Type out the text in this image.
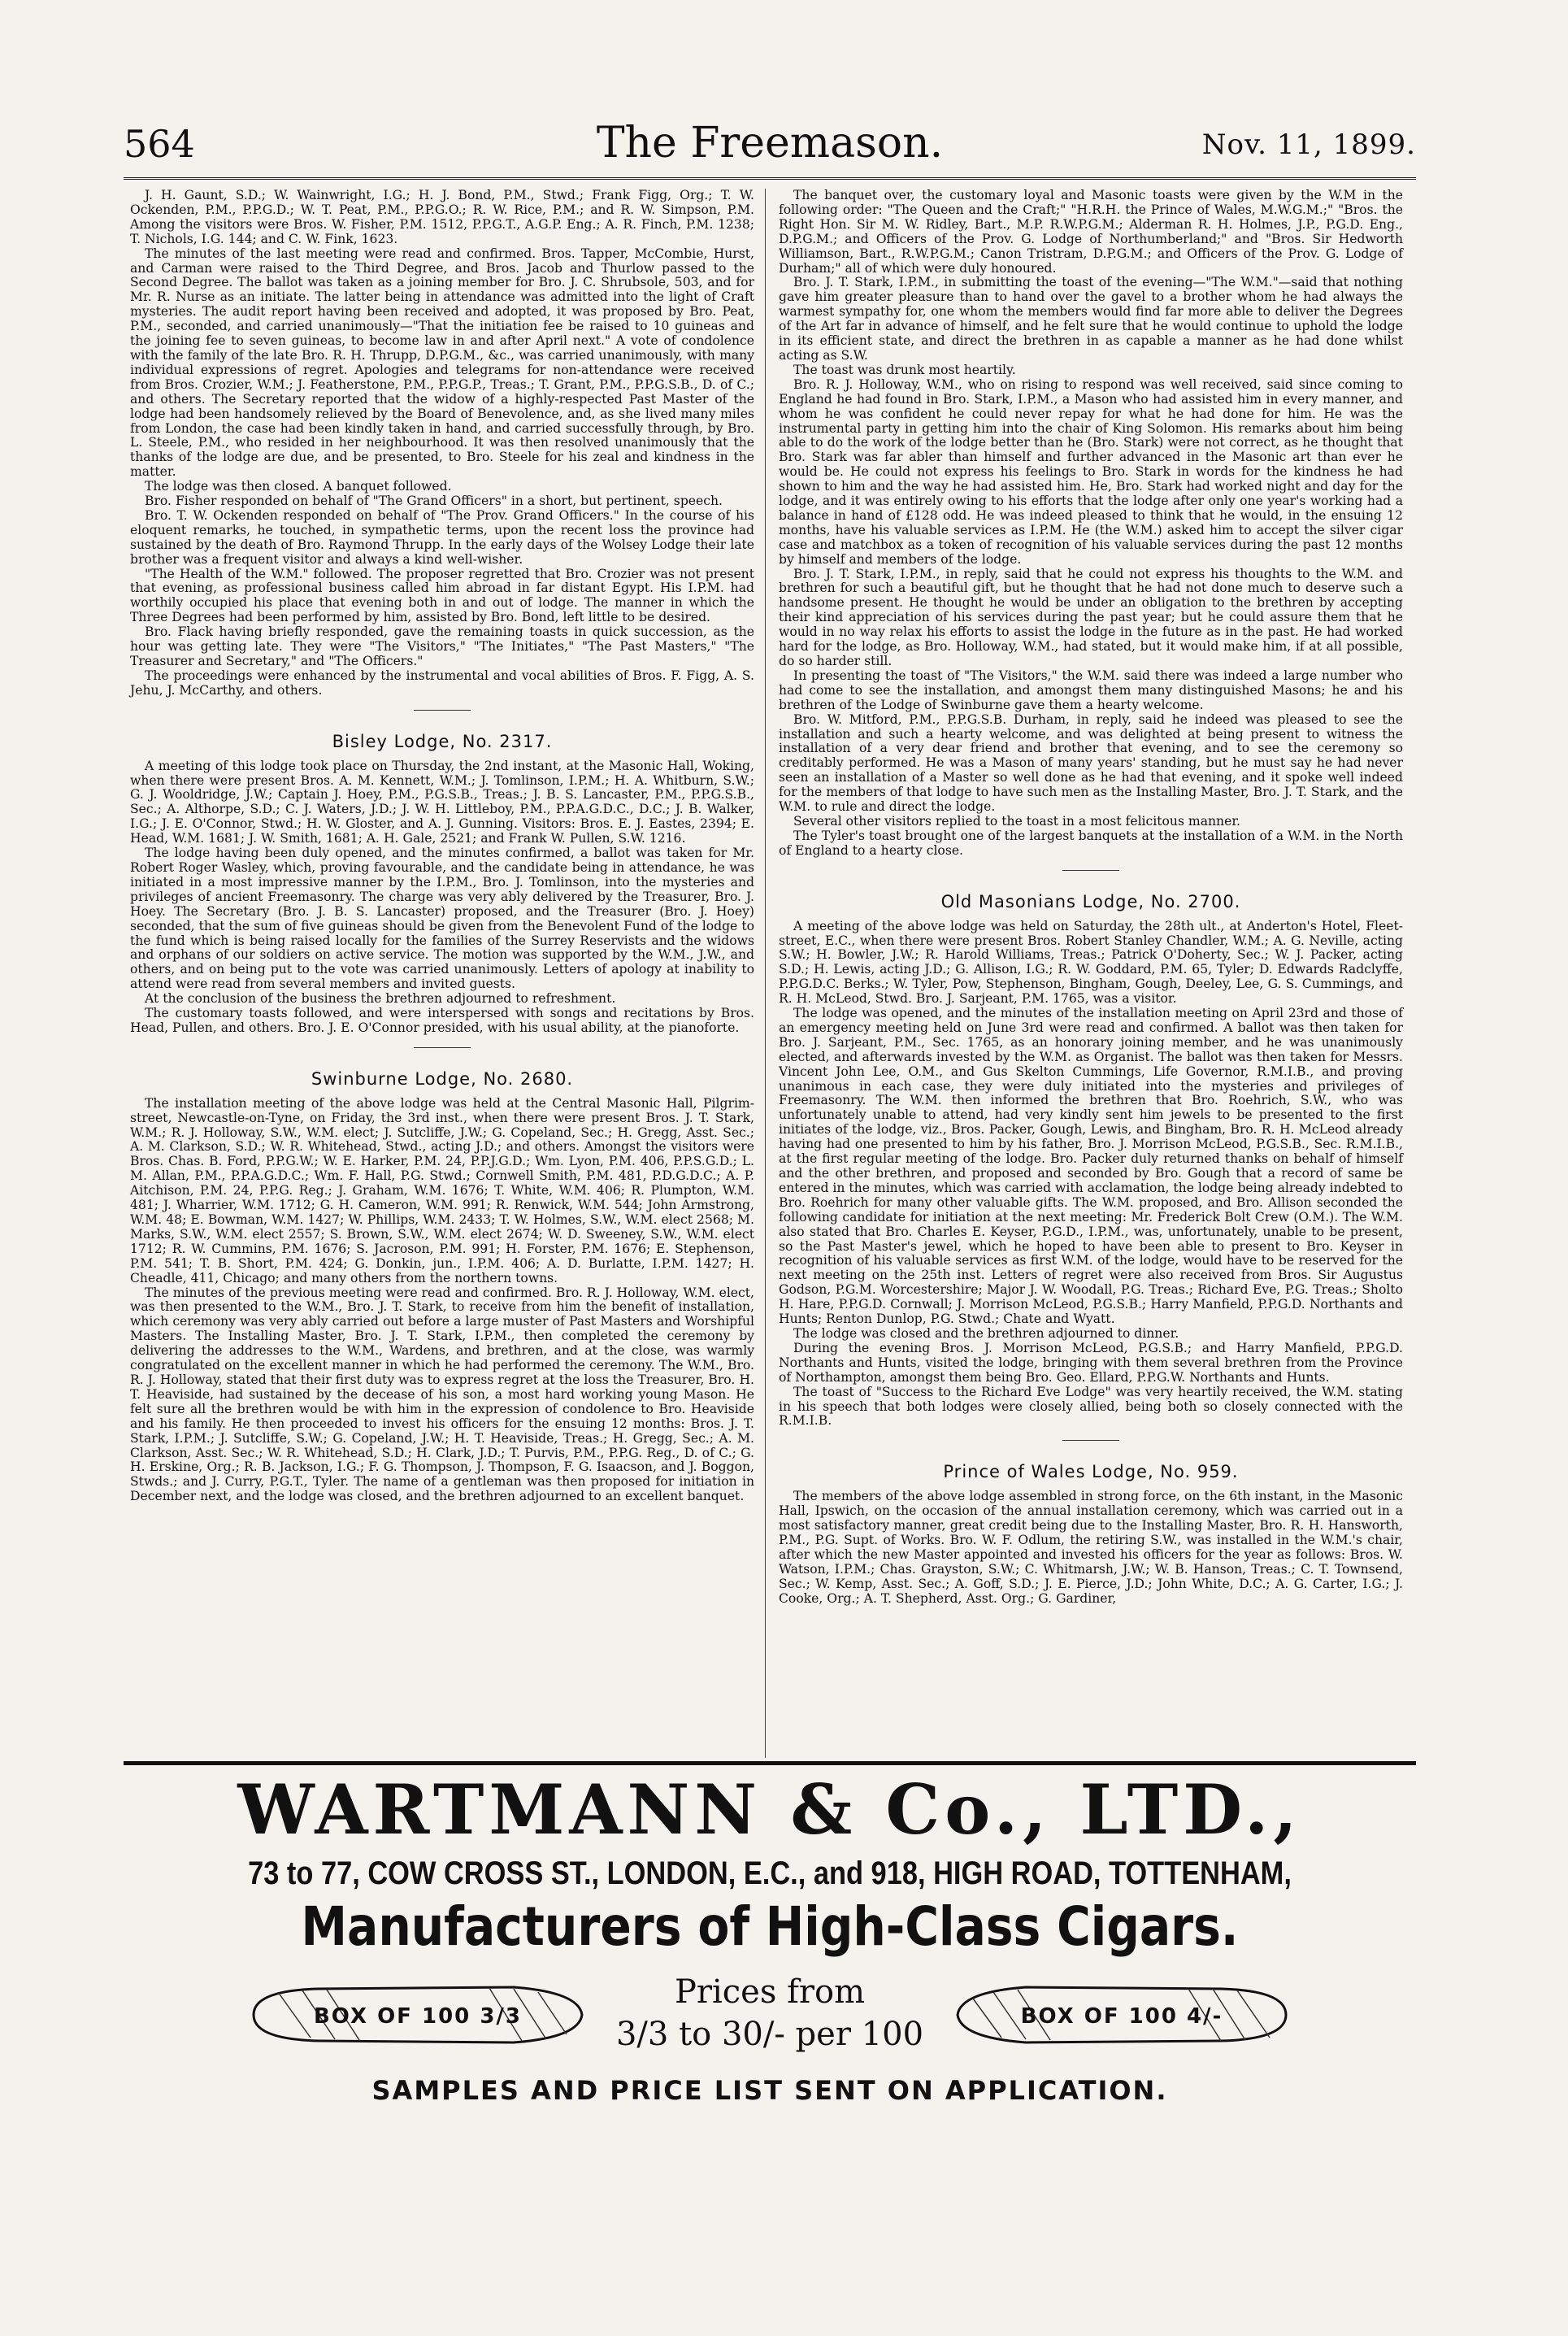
564	The Freemason.	Nov. 11, 1899.

J. H. Gaunt, S.D.; W. Wainwright, I.G.; H. J. Bond, P.M., Stwd.; Frank Figg, Org.; T. W. Ockenden, P.M., P.P.G.D.; W. T. Peat, P.M., P.P.G.O.; R. W. Rice, P.M.; and R. W. Simpson, P.M. Among the visitors were Bros. W. Fisher, P.M. 1512, P.P.G.T., A.G.P. Eng.; A. R. Finch, P.M. 1238; T. Nichols, I.G. 144; and C. W. Fink, 1623.

The minutes of the last meeting were read and confirmed. Bros. Tapper, McCombie, Hurst, and Carman were raised to the Third Degree, and Bros. Jacob and Thurlow passed to the Second Degree. The ballot was taken as a joining member for Bro. J. C. Shrubsole, 503, and for Mr. R. Nurse as an initiate. The latter being in attendance was admitted into the light of Craft mysteries. The audit report having been received and adopted, it was proposed by Bro. Peat, P.M., seconded, and carried unanimously—"That the initiation fee be raised to 10 guineas and the joining fee to seven guineas, to become law in and after April next." A vote of condolence with the family of the late Bro. R. H. Thrupp, D.P.G.M., &c., was carried unanimously, with many individual expressions of regret. Apologies and telegrams for non-attendance were received from Bros. Crozier, W.M.; J. Featherstone, P.M., P.P.G.P., Treas.; T. Grant, P.M., P.P.G.S.B., D. of C.; and others. The Secretary reported that the widow of a highly-respected Past Master of the lodge had been handsomely relieved by the Board of Benevolence, and, as she lived many miles from London, the case had been kindly taken in hand, and carried successfully through, by Bro. L. Steele, P.M., who resided in her neighbourhood. It was then resolved unanimously that the thanks of the lodge are due, and be presented, to Bro. Steele for his zeal and kindness in the matter.

The lodge was then closed. A banquet followed.

Bro. Fisher responded on behalf of "The Grand Officers" in a short, but pertinent, speech.

Bro. T. W. Ockenden responded on behalf of "The Prov. Grand Officers." In the course of his eloquent remarks, he touched, in sympathetic terms, upon the recent loss the province had sustained by the death of Bro. Raymond Thrupp. In the early days of the Wolsey Lodge their late brother was a frequent visitor and always a kind well-wisher.

"The Health of the W.M." followed. The proposer regretted that Bro. Crozier was not present that evening, as professional business called him abroad in far distant Egypt. His I.P.M. had worthily occupied his place that evening both in and out of lodge. The manner in which the Three Degrees had been performed by him, assisted by Bro. Bond, left little to be desired.

Bro. Flack having briefly responded, gave the remaining toasts in quick succession, as the hour was getting late. They were "The Visitors," "The Initiates," "The Past Masters," "The Treasurer and Secretary," and "The Officers."

The proceedings were enhanced by the instrumental and vocal abilities of Bros. F. Figg, A. S. Jehu, J. McCarthy, and others.

Bisley Lodge, No. 2317.

A meeting of this lodge took place on Thursday, the 2nd instant, at the Masonic Hall, Woking, when there were present Bros. A. M. Kennett, W.M.; J. Tomlinson, I.P.M.; H. A. Whitburn, S.W.; G. J. Wooldridge, J.W.; Captain J. Hoey, P.M., P.G.S.B., Treas.; J. B. S. Lancaster, P.M., P.P.G.S.B., Sec.; A. Althorpe, S.D.; C. J. Waters, J.D.; J. W. H. Littleboy, P.M., P.P.A.G.D.C., D.C.; J. B. Walker, I.G.; J. E. O'Connor, Stwd.; H. W. Gloster, and A. J. Gunning. Visitors: Bros. E. J. Eastes, 2394; E. Head, W.M. 1681; J. W. Smith, 1681; A. H. Gale, 2521; and Frank W. Pullen, S.W. 1216.

The lodge having been duly opened, and the minutes confirmed, a ballot was taken for Mr. Robert Roger Wasley, which, proving favourable, and the candidate being in attendance, he was initiated in a most impressive manner by the I.P.M., Bro. J. Tomlinson, into the mysteries and privileges of ancient Freemasonry. The charge was very ably delivered by the Treasurer, Bro. J. Hoey. The Secretary (Bro. J. B. S. Lancaster) proposed, and the Treasurer (Bro. J. Hoey) seconded, that the sum of five guineas should be given from the Benevolent Fund of the lodge to the fund which is being raised locally for the families of the Surrey Reservists and the widows and orphans of our soldiers on active service. The motion was supported by the W.M., J.W., and others, and on being put to the vote was carried unanimously. Letters of apology at inability to attend were read from several members and invited guests.

At the conclusion of the business the brethren adjourned to refreshment.

The customary toasts followed, and were interspersed with songs and recitations by Bros. Head, Pullen, and others. Bro. J. E. O'Connor presided, with his usual ability, at the pianoforte.

Swinburne Lodge, No. 2680.

The installation meeting of the above lodge was held at the Central Masonic Hall, Pilgrim-street, Newcastle-on-Tyne, on Friday, the 3rd inst., when there were present Bros. J. T. Stark, W.M.; R. J. Holloway, S.W., W.M. elect; J. Sutcliffe, J.W.; G. Copeland, Sec.; H. Gregg, Asst. Sec.; A. M. Clarkson, S.D.; W. R. Whitehead, Stwd., acting J.D.; and others. Amongst the visitors were Bros. Chas. B. Ford, P.P.G.W.; W. E. Harker, P.M. 24, P.P.J.G.D.; Wm. Lyon, P.M. 406, P.P.S.G.D.; L. M. Allan, P.M., P.P.A.G.D.C.; Wm. F. Hall, P.G. Stwd.; Cornwell Smith, P.M. 481, P.D.G.D.C.; A. P. Aitchison, P.M. 24, P.P.G. Reg.; J. Graham, W.M. 1676; T. White, W.M. 406; R. Plumpton, W.M. 481; J. Wharrier, W.M. 1712; G. H. Cameron, W.M. 991; R. Renwick, W.M. 544; John Armstrong, W.M. 48; E. Bowman, W.M. 1427; W. Phillips, W.M. 2433; T. W. Holmes, S.W., W.M. elect 2568; M. Marks, S.W., W.M. elect 2557; S. Brown, S.W., W.M. elect 2674; W. D. Sweeney, S.W., W.M. elect 1712; R. W. Cummins, P.M. 1676; S. Jacroson, P.M. 991; H. Forster, P.M. 1676; E. Stephenson, P.M. 541; T. B. Short, P.M. 424; G. Donkin, jun., I.P.M. 406; A. D. Burlatte, I.P.M. 1427; H. Cheadle, 411, Chicago; and many others from the northern towns.

The minutes of the previous meeting were read and confirmed. Bro. R. J. Holloway, W.M. elect, was then presented to the W.M., Bro. J. T. Stark, to receive from him the benefit of installation, which ceremony was very ably carried out before a large muster of Past Masters and Worshipful Masters. The Installing Master, Bro. J. T. Stark, I.P.M., then completed the ceremony by delivering the addresses to the W.M., Wardens, and brethren, and at the close, was warmly congratulated on the excellent manner in which he had performed the ceremony. The W.M., Bro. R. J. Holloway, stated that their first duty was to express regret at the loss the Treasurer, Bro. H. T. Heaviside, had sustained by the decease of his son, a most hard working young Mason. He felt sure all the brethren would be with him in the expression of condolence to Bro. Heaviside and his family. He then proceeded to invest his officers for the ensuing 12 months: Bros. J. T. Stark, I.P.M.; J. Sutcliffe, S.W.; G. Copeland, J.W.; H. T. Heaviside, Treas.; H. Gregg, Sec.; A. M. Clarkson, Asst. Sec.; W. R. Whitehead, S.D.; H. Clark, J.D.; T. Purvis, P.M., P.P.G. Reg., D. of C.; G. H. Erskine, Org.; R. B. Jackson, I.G.; F. G. Thompson, J. Thompson, F. G. Isaacson, and J. Boggon, Stwds.; and J. Curry, P.G.T., Tyler. The name of a gentleman was then proposed for initiation in December next, and the lodge was closed, and the brethren adjourned to an excellent banquet.

The banquet over, the customary loyal and Masonic toasts were given by the W.M in the following order: "The Queen and the Craft;" "H.R.H. the Prince of Wales, M.W.G.M.;" "Bros. the Right Hon. Sir M. W. Ridley, Bart., M.P. R.W.P.G.M.; Alderman R. H. Holmes, J.P., P.G.D. Eng., D.P.G.M.; and Officers of the Prov. G. Lodge of Northumberland;" and "Bros. Sir Hedworth Williamson, Bart., R.W.P.G.M.; Canon Tristram, D.P.G.M.; and Officers of the Prov. G. Lodge of Durham;" all of which were duly honoured.

Bro. J. T. Stark, I.P.M., in submitting the toast of the evening—"The W.M."—said that nothing gave him greater pleasure than to hand over the gavel to a brother whom he had always the warmest sympathy for, one whom the members would find far more able to deliver the Degrees of the Art far in advance of himself, and he felt sure that he would continue to uphold the lodge in its efficient state, and direct the brethren in as capable a manner as he had done whilst acting as S.W.

The toast was drunk most heartily.

Bro. R. J. Holloway, W.M., who on rising to respond was well received, said since coming to England he had found in Bro. Stark, I.P.M., a Mason who had assisted him in every manner, and whom he was confident he could never repay for what he had done for him. He was the instrumental party in getting him into the chair of King Solomon. His remarks about him being able to do the work of the lodge better than he (Bro. Stark) were not correct, as he thought that Bro. Stark was far abler than himself and further advanced in the Masonic art than ever he would be. He could not express his feelings to Bro. Stark in words for the kindness he had shown to him and the way he had assisted him. He, Bro. Stark had worked night and day for the lodge, and it was entirely owing to his efforts that the lodge after only one year's working had a balance in hand of £128 odd. He was indeed pleased to think that he would, in the ensuing 12 months, have his valuable services as I.P.M. He (the W.M.) asked him to accept the silver cigar case and matchbox as a token of recognition of his valuable services during the past 12 months by himself and members of the lodge.

Bro. J. T. Stark, I.P.M., in reply, said that he could not express his thoughts to the W.M. and brethren for such a beautiful gift, but he thought that he had not done much to deserve such a handsome present. He thought he would be under an obligation to the brethren by accepting their kind appreciation of his services during the past year; but he could assure them that he would in no way relax his efforts to assist the lodge in the future as in the past. He had worked hard for the lodge, as Bro. Holloway, W.M., had stated, but it would make him, if at all possible, do so harder still.

In presenting the toast of "The Visitors," the W.M. said there was indeed a large number who had come to see the installation, and amongst them many distinguished Masons; he and his brethren of the Lodge of Swinburne gave them a hearty welcome.

Bro. W. Mitford, P.M., P.P.G.S.B. Durham, in reply, said he indeed was pleased to see the installation and such a hearty welcome, and was delighted at being present to witness the installation of a very dear friend and brother that evening, and to see the ceremony so creditably performed. He was a Mason of many years' standing, but he must say he had never seen an installation of a Master so well done as he had that evening, and it spoke well indeed for the members of that lodge to have such men as the Installing Master, Bro. J. T. Stark, and the W.M. to rule and direct the lodge.

Several other visitors replied to the toast in a most felicitous manner.

The Tyler's toast brought one of the largest banquets at the installation of a W.M. in the North of England to a hearty close.

Old Masonians Lodge, No. 2700.

A meeting of the above lodge was held on Saturday, the 28th ult., at Anderton's Hotel, Fleet-street, E.C., when there were present Bros. Robert Stanley Chandler, W.M.; A. G. Neville, acting S.W.; H. Bowler, J.W.; R. Harold Williams, Treas.; Patrick O'Doherty, Sec.; W. J. Packer, acting S.D.; H. Lewis, acting J.D.; G. Allison, I.G.; R. W. Goddard, P.M. 65, Tyler; D. Edwards Radclyffe, P.P.G.D.C. Berks.; W. Tyler, Pow, Stephenson, Bingham, Gough, Deeley, Lee, G. S. Cummings, and R. H. McLeod, Stwd. Bro. J. Sarjeant, P.M. 1765, was a visitor.

The lodge was opened, and the minutes of the installation meeting on April 23rd and those of an emergency meeting held on June 3rd were read and confirmed. A ballot was then taken for Bro. J. Sarjeant, P.M., Sec. 1765, as an honorary joining member, and he was unanimously elected, and afterwards invested by the W.M. as Organist. The ballot was then taken for Messrs. Vincent John Lee, O.M., and Gus Skelton Cummings, Life Governor, R.M.I.B., and proving unanimous in each case, they were duly initiated into the mysteries and privileges of Freemasonry. The W.M. then informed the brethren that Bro. Roehrich, S.W., who was unfortunately unable to attend, had very kindly sent him jewels to be presented to the first initiates of the lodge, viz., Bros. Packer, Gough, Lewis, and Bingham, Bro. R. H. McLeod already having had one presented to him by his father, Bro. J. Morrison McLeod, P.G.S.B., Sec. R.M.I.B., at the first regular meeting of the lodge. Bro. Packer duly returned thanks on behalf of himself and the other brethren, and proposed and seconded by Bro. Gough that a record of same be entered in the minutes, which was carried with acclamation, the lodge being already indebted to Bro. Roehrich for many other valuable gifts. The W.M. proposed, and Bro. Allison seconded the following candidate for initiation at the next meeting: Mr. Frederick Bolt Crew (O.M.). The W.M. also stated that Bro. Charles E. Keyser, P.G.D., I.P.M., was, unfortunately, unable to be present, so the Past Master's jewel, which he hoped to have been able to present to Bro. Keyser in recognition of his valuable services as first W.M. of the lodge, would have to be reserved for the next meeting on the 25th inst. Letters of regret were also received from Bros. Sir Augustus Godson, P.G.M. Worcestershire; Major J. W. Woodall, P.G. Treas.; Richard Eve, P.G. Treas.; Sholto H. Hare, P.P.G.D. Cornwall; J. Morrison McLeod, P.G.S.B.; Harry Manfield, P.P.G.D. Northants and Hunts; Renton Dunlop, P.G. Stwd.; Chate and Wyatt.

The lodge was closed and the brethren adjourned to dinner.

During the evening Bros. J. Morrison McLeod, P.G.S.B.; and Harry Manfield, P.P.G.D. Northants and Hunts, visited the lodge, bringing with them several brethren from the Province of Northampton, amongst them being Bro. Geo. Ellard, P.P.G.W. Northants and Hunts.

The toast of "Success to the Richard Eve Lodge" was very heartily received, the W.M. stating in his speech that both lodges were closely allied, being both so closely connected with the R.M.I.B.

Prince of Wales Lodge, No. 959.

The members of the above lodge assembled in strong force, on the 6th instant, in the Masonic Hall, Ipswich, on the occasion of the annual installation ceremony, which was carried out in a most satisfactory manner, great credit being due to the Installing Master, Bro. R. H. Hansworth, P.M., P.G. Supt. of Works. Bro. W. F. Odlum, the retiring S.W., was installed in the W.M.'s chair, after which the new Master appointed and invested his officers for the year as follows: Bros. W. Watson, I.P.M.; Chas. Grayston, S.W.; C. Whitmarsh, J.W.; W. B. Hanson, Treas.; C. T. Townsend, Sec.; W. Kemp, Asst. Sec.; A. Goff, S.D.; J. E. Pierce, J.D.; John White, D.C.; A. G. Carter, I.G.; J. Cooke, Org.; A. T. Shepherd, Asst. Org.; G. Gardiner,

WARTMANN & Co., LTD.,
73 to 77, COW CROSS ST., LONDON, E.C., and 918, HIGH ROAD, TOTTENHAM,
Manufacturers of High-Class Cigars.
BOX OF 100 3/3
Prices from
3/3 to 30/- per 100	BOX OF 100 4/-
SAMPLES AND PRICE LIST SENT ON APPLICATION.
